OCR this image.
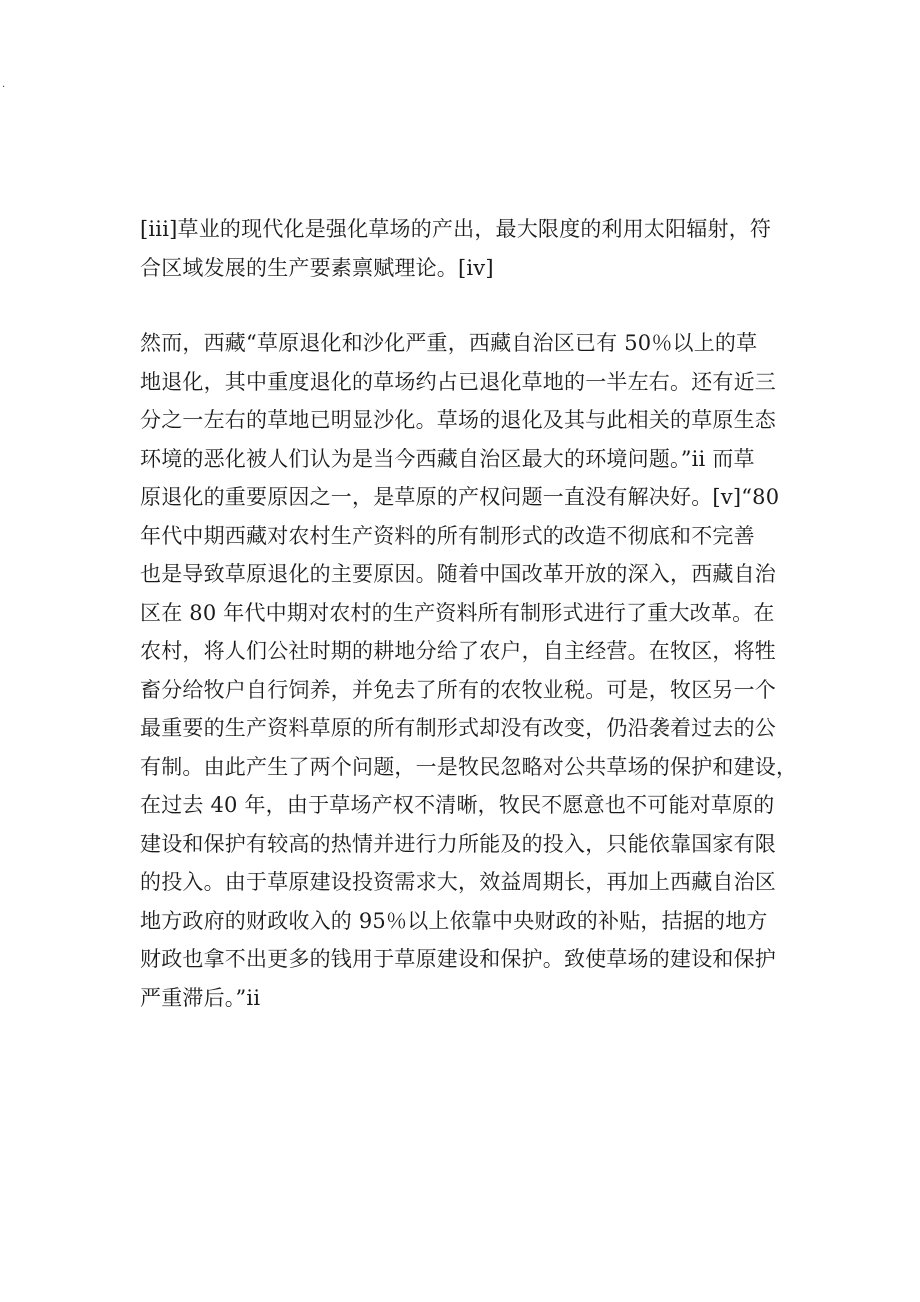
.

[iii]草业的现代化是强化草场的产出，最大限度的利用太阳辐射，符
合区域发展的生产要素禀赋理论。[iv]

然而，西藏“草原退化和沙化严重，西藏自治区已有 50％以上的草
地退化，其中重度退化的草场约占已退化草地的一半左右。还有近三
分之一左右的草地已明显沙化。草场的退化及其与此相关的草原生态
环境的恶化被人们认为是当今西藏自治区最大的环境问题。”ii 而草
原退化的重要原因之一，是草原的产权问题一直没有解决好。[v]“80
年代中期西藏对农村生产资料的所有制形式的改造不彻底和不完善
也是导致草原退化的主要原因。随着中国改革开放的深入，西藏自治
区在 80 年代中期对农村的生产资料所有制形式进行了重大改革。在
农村，将人们公社时期的耕地分给了农户，自主经营。在牧区，将牲
畜分给牧户自行饲养，并免去了所有的农牧业税。可是，牧区另一个
最重要的生产资料草原的所有制形式却没有改变，仍沿袭着过去的公
有制。由此产生了两个问题，一是牧民忽略对公共草场的保护和建设，
在过去 40 年，由于草场产权不清晰，牧民不愿意也不可能对草原的
建设和保护有较高的热情并进行力所能及的投入，只能依靠国家有限
的投入。由于草原建设投资需求大，效益周期长，再加上西藏自治区
地方政府的财政收入的 95％以上依靠中央财政的补贴，拮据的地方
财政也拿不出更多的钱用于草原建设和保护。致使草场的建设和保护
严重滞后。”ii
